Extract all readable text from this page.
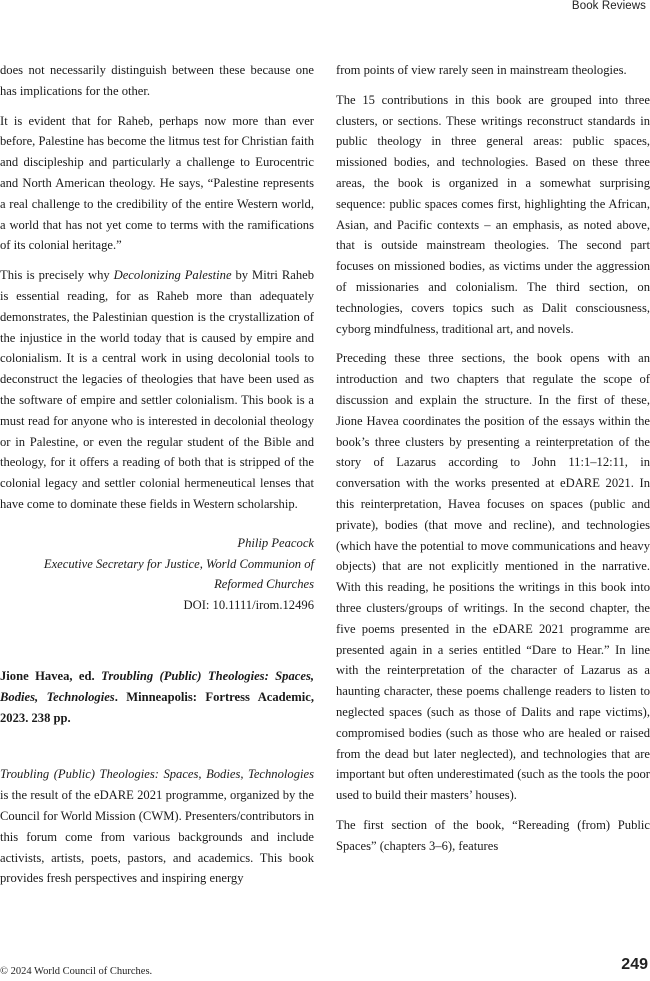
Book Reviews

does not necessarily distinguish between these because one has implications for the other.

It is evident that for Raheb, perhaps now more than ever before, Palestine has become the litmus test for Christian faith and discipleship and particularly a challenge to Eurocentric and North American theology. He says, “Palestine represents a real challenge to the credibility of the entire Western world, a world that has not yet come to terms with the ramifications of its colonial heritage.”

This is precisely why Decolonizing Palestine by Mitri Raheb is essential reading, for as Raheb more than adequately demonstrates, the Palestinian question is the crystallization of the injustice in the world today that is caused by empire and colonialism. It is a central work in using decolonial tools to deconstruct the legacies of theologies that have been used as the software of empire and settler colonialism. This book is a must read for anyone who is interested in decolonial theology or in Palestine, or even the regular student of the Bible and theology, for it offers a reading of both that is stripped of the colonial legacy and settler colonial hermeneutical lenses that have come to dominate these fields in Western scholarship.

Philip Peacock
Executive Secretary for Justice, World Communion of Reformed Churches

DOI: 10.1111/irom.12496

Jione Havea, ed. Troubling (Public) Theologies: Spaces, Bodies, Technologies. Minneapolis: Fortress Academic, 2023. 238 pp.

Troubling (Public) Theologies: Spaces, Bodies, Technologies is the result of the eDARE 2021 programme, organized by the Council for World Mission (CWM). Presenters/contributors in this forum come from various backgrounds and include activists, artists, poets, pastors, and academics. This book provides fresh perspectives and inspiring energy

from points of view rarely seen in mainstream theologies.

The 15 contributions in this book are grouped into three clusters, or sections. These writings reconstruct standards in public theology in three general areas: public spaces, missioned bodies, and technologies. Based on these three areas, the book is organized in a somewhat surprising sequence: public spaces comes first, highlighting the African, Asian, and Pacific contexts – an emphasis, as noted above, that is outside mainstream theologies. The second part focuses on missioned bodies, as victims under the aggression of missionaries and colonialism. The third section, on technologies, covers topics such as Dalit consciousness, cyborg mindfulness, traditional art, and novels.

Preceding these three sections, the book opens with an introduction and two chapters that regulate the scope of discussion and explain the structure. In the first of these, Jione Havea coordinates the position of the essays within the book’s three clusters by presenting a reinterpretation of the story of Lazarus according to John 11:1–12:11, in conversation with the works presented at eDARE 2021. In this reinterpretation, Havea focuses on spaces (public and private), bodies (that move and recline), and technologies (which have the potential to move communications and heavy objects) that are not explicitly mentioned in the narrative. With this reading, he positions the writings in this book into three clusters/groups of writings. In the second chapter, the five poems presented in the eDARE 2021 programme are presented again in a series entitled “Dare to Hear.” In line with the reinterpretation of the character of Lazarus as a haunting character, these poems challenge readers to listen to neglected spaces (such as those of Dalits and rape victims), compromised bodies (such as those who are healed or raised from the dead but later neglected), and technologies that are important but often underestimated (such as the tools the poor used to build their masters’ houses).

The first section of the book, “Rereading (from) Public Spaces” (chapters 3–6), features

© 2024 World Council of Churches.	249
